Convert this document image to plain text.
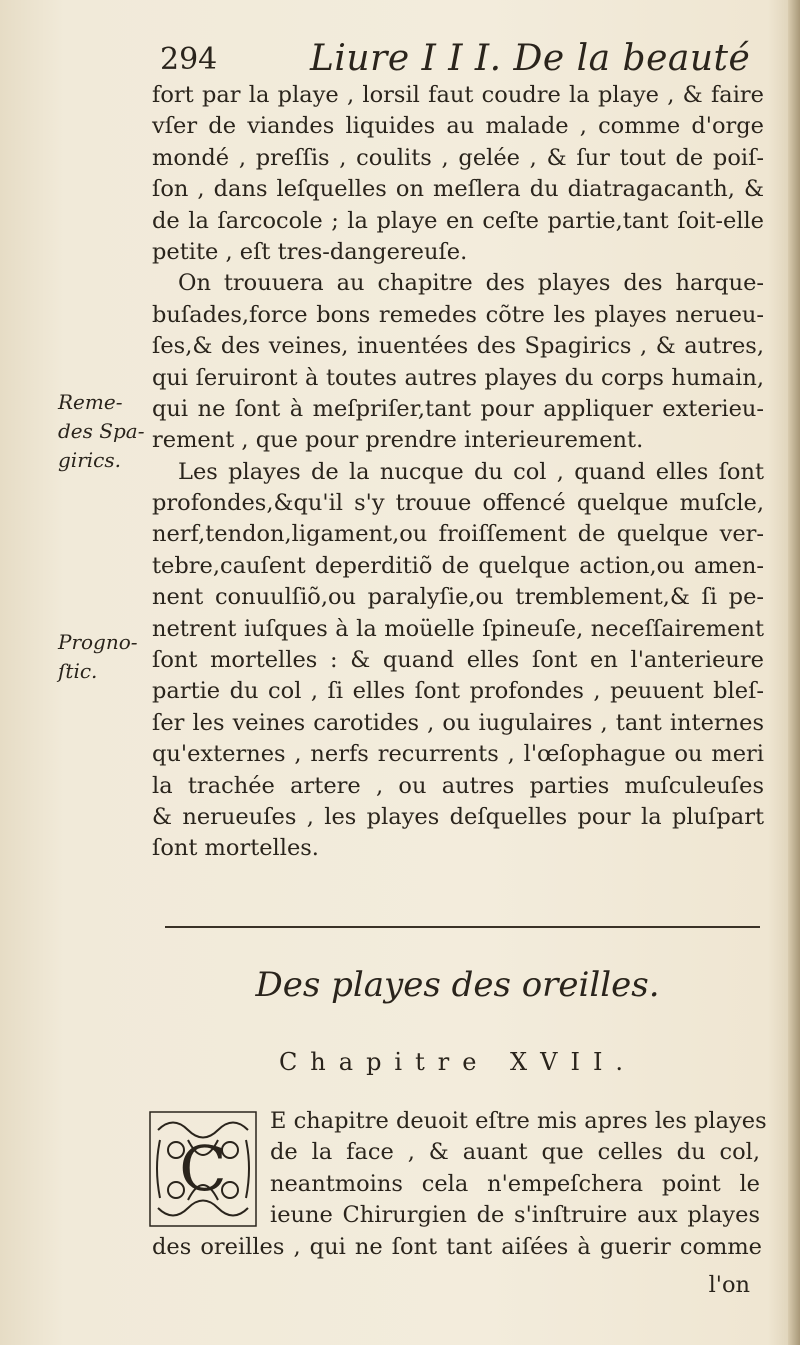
294	Liure I I I. De la beauté
fort par la playe , lorsil faut coudre la playe , & faire
vſer de viandes liquides au malade , comme d'orge
mondé , preſſis , coulits , gelée , & ſur tout de poiſ-
ſon , dans leſquelles on meſlera du diatragacanth, &
de la ſarcocole ; la playe en ceſte partie,tant ſoit-elle
petite , eſt tres-dangereuſe.
On trouuera au chapitre des playes des harque-
buſades,force bons remedes cõtre les playes nerueu-
ſes,& des veines, inuentées des Spagirics , & autres,
qui ſeruiront à toutes autres playes du corps humain,
qui ne ſont à meſpriſer,tant pour appliquer exterieu-
rement , que pour prendre interieurement.
Les playes de la nucque du col , quand elles ſont
profondes,&qu'il s'y trouue offencé quelque muſcle,
nerf,tendon,ligament,ou froiſſement de quelque ver-
tebre,cauſent deperditiõ de quelque action,ou amen-
nent conuulſiõ,ou paralyſie,ou tremblement,& ſi pe-
netrent iuſques à la moüelle ſpineuſe, neceſſairement
ſont mortelles : & quand elles ſont en l'anterieure
partie du col , ſi elles ſont profondes , peuuent bleſ-
ſer les veines carotides , ou iugulaires , tant internes
qu'externes , nerfs recurrents , l'œſophague ou meri
la trachée artere , ou autres parties muſculeuſes
& nerueuſes , les playes deſquelles pour la pluſpart
ſont mortelles.
Reme-
des Spa-
girics.
Progno-
ſtic.
Des playes des oreilles.
Chapitre XVII.
C
E chapitre deuoit eſtre mis apres les playes
de la face , & auant que celles du col,
neantmoins cela n'empeſchera point le
ieune Chirurgien de s'inſtruire aux playes
des oreilles , qui ne ſont tant aiſées à guerir comme
l'on
